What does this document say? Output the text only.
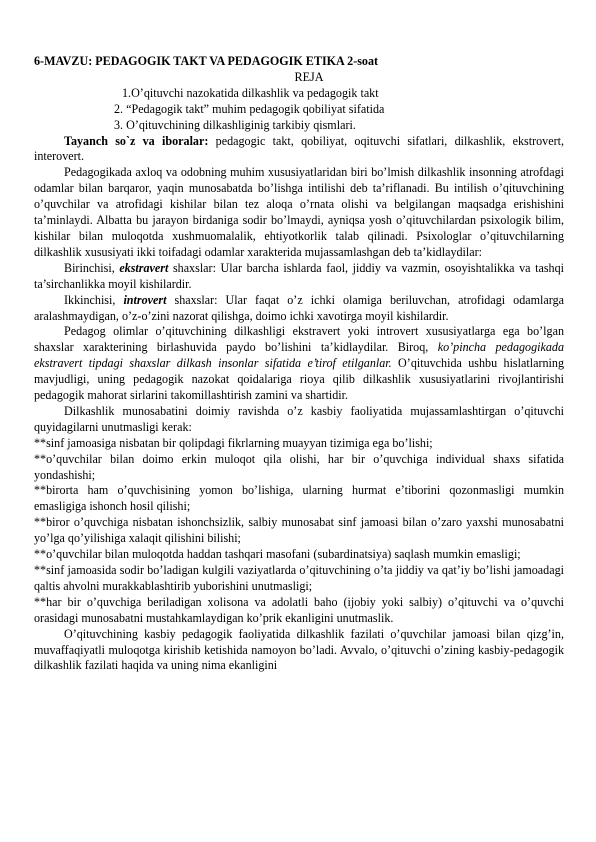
6-MAVZU: PEDAGOGIK TAKT VA PEDAGOGIK ETIKA 2-soat

REJA

1.O’qituvchi nazokatida dilkashlik va pedagogik takt
2. “Pedagogik takt” muhim pedagogik qobiliyat sifatida
3. O’qituvchining dilkashliginig tarkibiy qismlari.

Tayanch so`z va iboralar: pedagogic takt, qobiliyat, oqituvchi sifatlari, dilkashlik, ekstrovert, interovert.

Pedagogikada axloq va odobning muhim xususiyatlaridan biri bo’lmish dilkashlik insonning atrofdagi odamlar bilan barqaror, yaqin munosabatda bo’lishga intilishi deb ta’riflanadi. Bu intilish o’qituvchining o’quvchilar va atrofidagi kishilar bilan tez aloqa o’rnata olishi va belgilangan maqsadga erishishini ta’minlaydi. Albatta bu jarayon birdaniga sodir bo’lmaydi, ayniqsa yosh o’qituvchilardan psixologik bilim, kishilar bilan muloqotda xushmuomalalik, ehtiyotkorlik talab qilinadi. Psixologlar o’qituvchilarning dilkashlik xususiyati ikki toifadagi odamlar xarakterida mujassamlashgan deb ta’kidlaydilar:

Birinchisi, ekstravert shaxslar: Ular barcha ishlarda faol, jiddiy va vazmin, osoyishtalikka va tashqi ta’sirchanlikka moyil kishilardir.

Ikkinchisi, introvert shaxslar: Ular faqat o’z ichki olamiga beriluvchan, atrofidagi odamlarga aralashmaydigan, o’z-o’zini nazorat qilishga, doimo ichki xavotirga moyil kishilardir.

Pedagog olimlar o’qituvchining dilkashligi ekstravert yoki introvert xususiyatlarga ega bo’lgan shaxslar xarakterining birlashuvida paydo bo’lishini ta’kidlaydilar. Biroq, ko’pincha pedagogikada ekstravert tipdagi shaxslar dilkash insonlar sifatida e’tirof etilganlar. O’qituvchida ushbu hislatlarning mavjudligi, uning pedagogik nazokat qoidalariga rioya qilib dilkashlik xususiyatlarini rivojlantirishi pedagogik mahorat sirlarini takomillashtirish zamini va shartidir.

Dilkashlik munosabatini doimiy ravishda o’z kasbiy faoliyatida mujassamlashtirgan o’qituvchi quyidagilarni unutmasligi kerak:

**sinf jamoasiga nisbatan bir qolipdagi fikrlarning muayyan tizimiga ega bo’lishi;

**o’quvchilar bilan doimo erkin muloqot qila olishi, har bir o’quvchiga individual shaxs sifatida yondashishi;

**birorta ham o’quvchisining yomon bo’lishiga, ularning hurmat e’tiborini qozonmasligi mumkin emasligiga ishonch hosil qilishi;

**biror o’quvchiga nisbatan ishonchsizlik, salbiy munosabat sinf jamoasi bilan o’zaro yaxshi munosabatni yo’lga qo’yilishiga xalaqit qilishini bilishi;

**o’quvchilar bilan muloqotda haddan tashqari masofani (subardinatsiya) saqlash mumkin emasligi;

**sinf jamoasida sodir bo’ladigan kulgili vaziyatlarda o’qituvchining o’ta jiddiy va qat’iy bo’lishi jamoadagi qaltis ahvolni murakkablashtirib yuborishini unutmasligi;

**har bir o’quvchiga beriladigan xolisona va adolatli baho (ijobiy yoki salbiy) o’qituvchi va o’quvchi orasidagi munosabatni mustahkamlaydigan ko’prik ekanligini unutmaslik.

O’qituvchining kasbiy pedagogik faoliyatida dilkashlik fazilati o’quvchilar jamoasi bilan qizg’in, muvaffaqiyatli muloqotga kirishib ketishida namoyon bo’ladi. Avvalo, o’qituvchi o’zining kasbiy-pedagogik dilkashlik fazilati haqida va uning nima ekanligini
